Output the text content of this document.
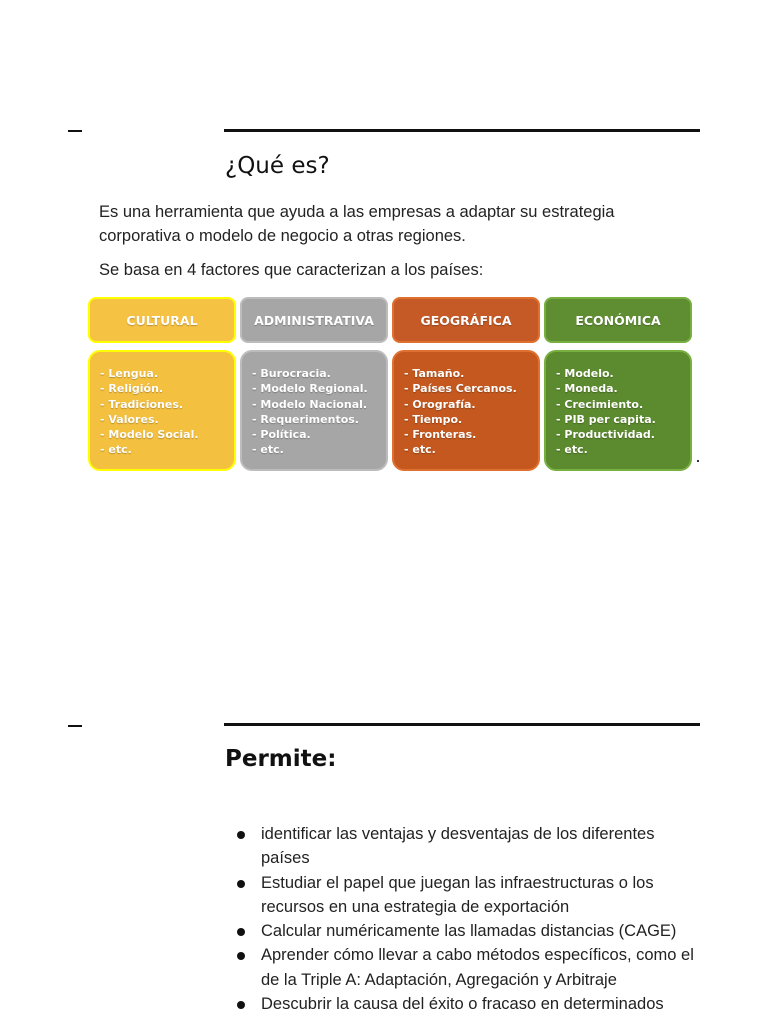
¿Qué es?

Es una herramienta que ayuda a las empresas a adaptar su estrategia corporativa o modelo de negocio a otras regiones.

Se basa en 4 factores que caracterizan a los países:

CULTURAL
- Lengua.
- Religión.
- Tradiciones.
- Valores.
- Modelo Social.
- etc.
ADMINISTRATIVA
- Burocracia.
- Modelo Regional.
- Modelo Nacional.
- Requerimentos.
- Política.
- etc.
GEOGRÁFICA
- Tamaño.
- Países Cercanos.
- Orografía.
- Tiempo.
- Fronteras.
- etc.
ECONÓMICA
- Modelo.
- Moneda.
- Crecimiento.
- PIB per capita.
- Productividad.
- etc.
Permite:
identificar las ventajas y desventajas de los diferentes países
Estudiar el papel que juegan las infraestructuras o los recursos en una estrategia de exportación
Calcular numéricamente las llamadas distancias (CAGE)
Aprender cómo llevar a cabo métodos específicos, como el de la Triple A: Adaptación, Agregación y Arbitraje
Descubrir la causa del éxito o fracaso en determinados
